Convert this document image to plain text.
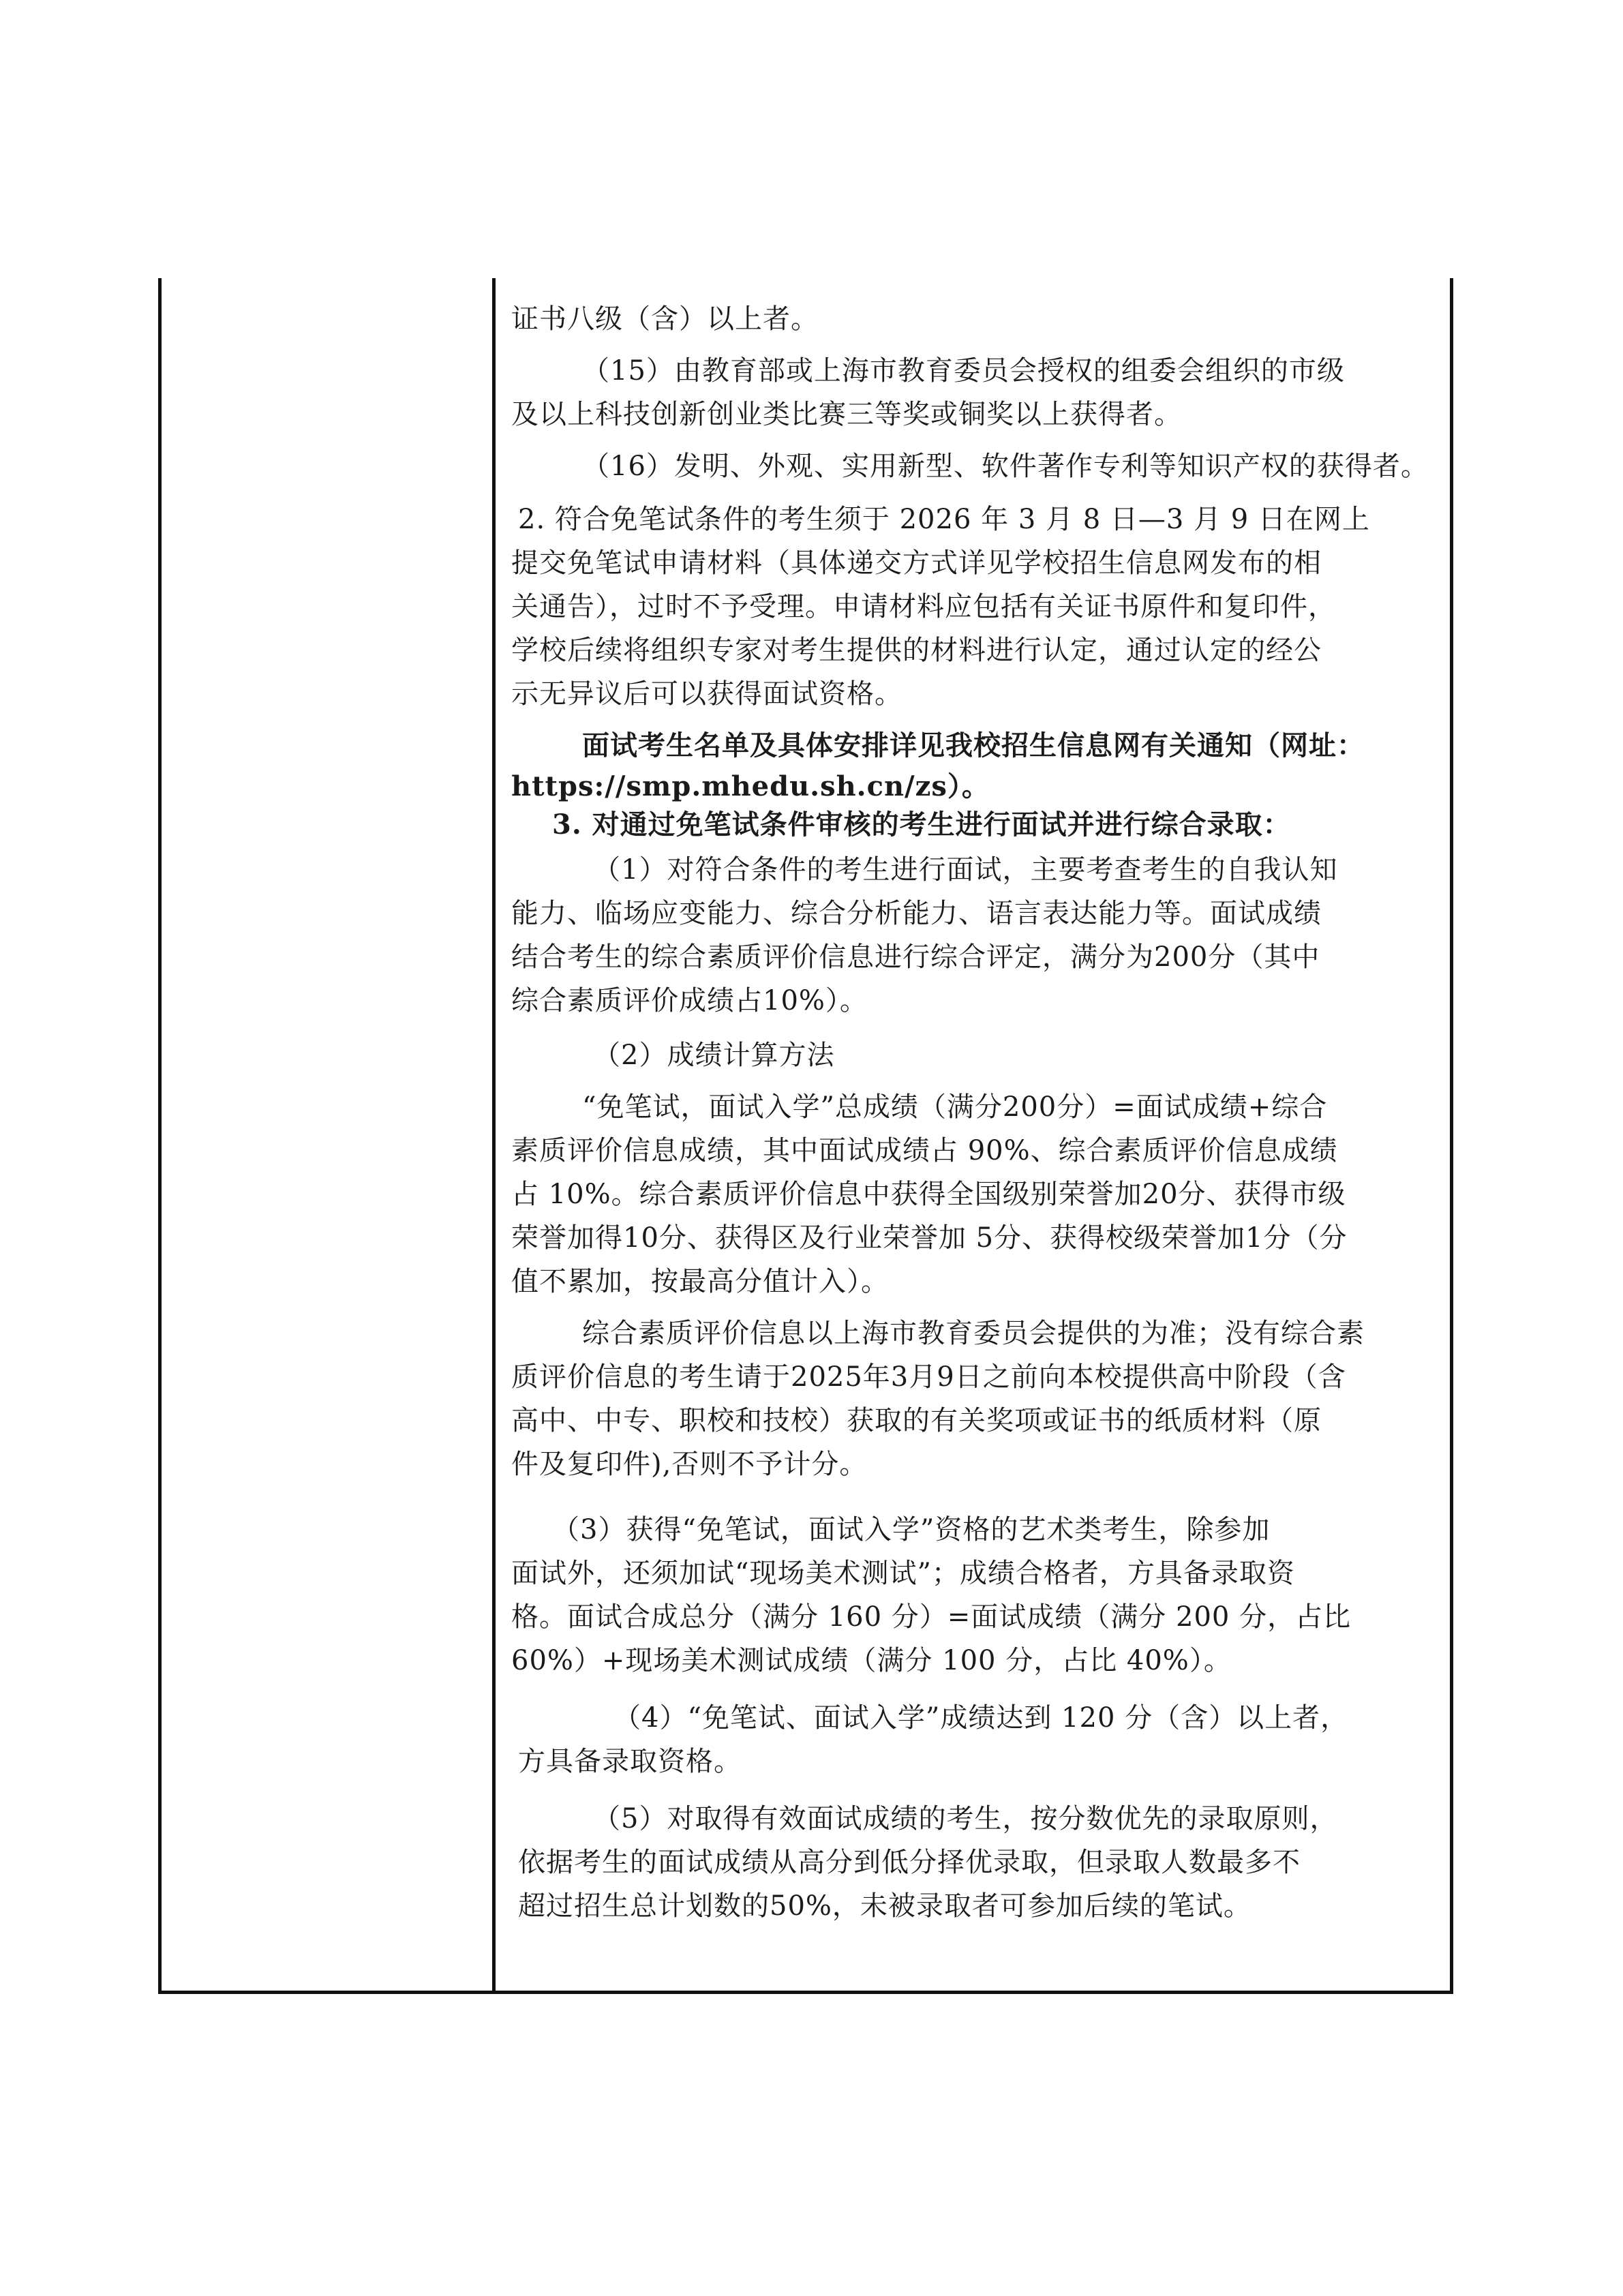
证书八级（含）以上者。
（15）由教育部或上海市教育委员会授权的组委会组织的市级
及以上科技创新创业类比赛三等奖或铜奖以上获得者。
（16）发明、外观、实用新型、软件著作专利等知识产权的获得者。
2. 符合免笔试条件的考生须于 2026 年 3 月 8 日—3 月 9 日在网上
提交免笔试申请材料（具体递交方式详见学校招生信息网发布的相
关通告），过时不予受理。申请材料应包括有关证书原件和复印件，
学校后续将组织专家对考生提供的材料进行认定，通过认定的经公
示无异议后可以获得面试资格。
面试考生名单及具体安排详见我校招生信息网有关通知（网址：
https://smp.mhedu.sh.cn/zs）。
3. 对通过免笔试条件审核的考生进行面试并进行综合录取：
（1）对符合条件的考生进行面试，主要考查考生的自我认知
能力、临场应变能力、综合分析能力、语言表达能力等。面试成绩
结合考生的综合素质评价信息进行综合评定，满分为200分（其中
综合素质评价成绩占10%）。
（2）成绩计算方法
“免笔试，面试入学”总成绩（满分200分）=面试成绩+综合
素质评价信息成绩，其中面试成绩占 90%、综合素质评价信息成绩
占 10%。综合素质评价信息中获得全国级别荣誉加20分、获得市级
荣誉加得10分、获得区及行业荣誉加 5分、获得校级荣誉加1分（分
值不累加，按最高分值计入）。
综合素质评价信息以上海市教育委员会提供的为准；没有综合素
质评价信息的考生请于2025年3月9日之前向本校提供高中阶段（含
高中、中专、职校和技校）获取的有关奖项或证书的纸质材料（原
件及复印件),否则不予计分。
（3）获得“免笔试，面试入学”资格的艺术类考生，除参加
面试外，还须加试“现场美术测试”；成绩合格者，方具备录取资
格。面试合成总分（满分 160 分）=面试成绩（满分 200 分，占比
60%）+现场美术测试成绩（满分 100 分，占比 40%）。
（4）“免笔试、面试入学”成绩达到 120 分（含）以上者，
方具备录取资格。
（5）对取得有效面试成绩的考生，按分数优先的录取原则，
依据考生的面试成绩从高分到低分择优录取，但录取人数最多不
超过招生总计划数的50%，未被录取者可参加后续的笔试。
